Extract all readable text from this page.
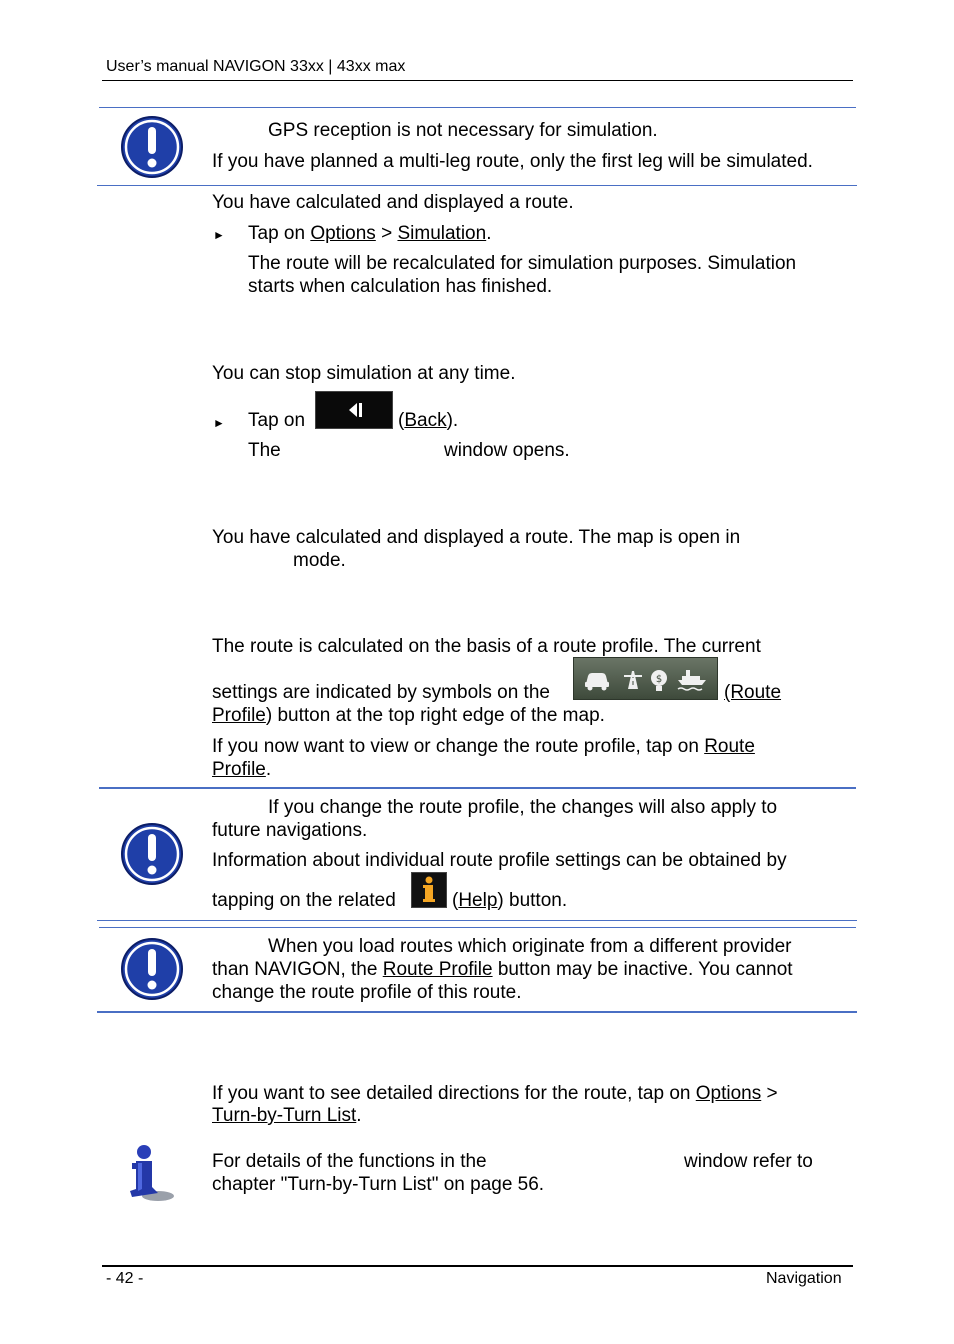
User’s manual NAVIGON 33xx | 43xx max
GPS reception is not necessary for simulation.
If you have planned a multi-leg route, only the first leg will be simulated.
You have calculated and displayed a route.
► Tap on Options > Simulation.
The route will be recalculated for simulation purposes. Simulation
starts when calculation has finished.
You can stop simulation at any time.
► Tap on	(Back).
The	window opens.
You have calculated and displayed a route. The map is open in
mode.
The route is calculated on the basis of a route profile. The current
settings are indicated by symbols on the
$
(Route
Profile) button at the top right edge of the map.
If you now want to view or change the route profile, tap on Route
Profile.
If you change the route profile, the changes will also apply to
future navigations.
Information about individual route profile settings can be obtained by
tapping on the related	(Help) button.
When you load routes which originate from a different provider
than NAVIGON, the Route Profile button may be inactive. You cannot
change the route profile of this route.
If you want to see detailed directions for the route, tap on Options >
Turn-by-Turn List.
For details of the functions in the	window refer to
chapter "Turn-by-Turn List" on page 56.
- 42 -	Navigation
